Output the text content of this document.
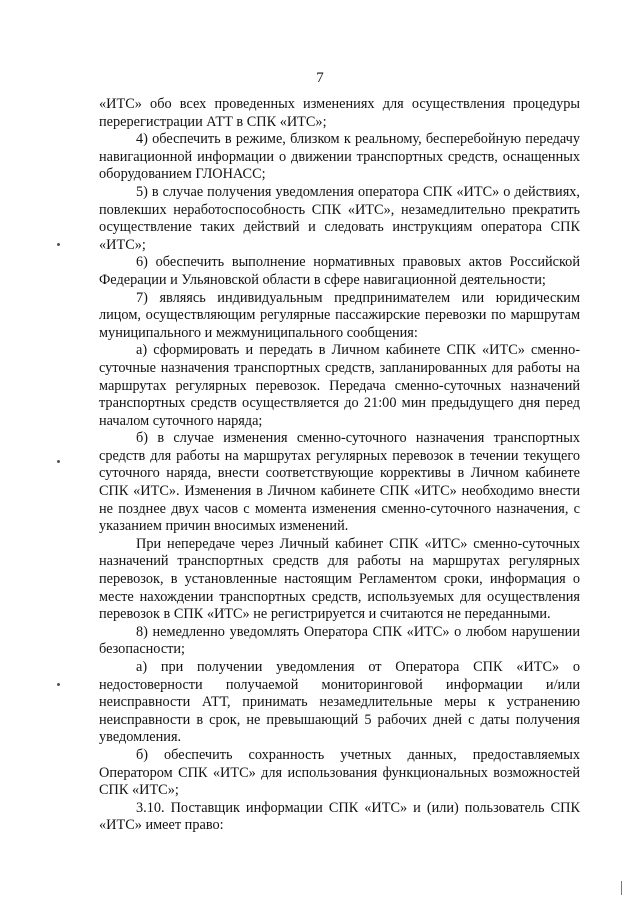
7

«ИТС» обо всех проведенных изменениях для осуществления процедуры перерегистрации АТТ в СПК «ИТС»;

4) обеспечить в режиме, близком к реальному, бесперебойную передачу навигационной информации о движении транспортных средств, оснащенных оборудованием ГЛОНАСС;

5) в случае получения уведомления оператора СПК «ИТС» о действиях, повлекших неработоспособность СПК «ИТС», незамедлительно прекратить осуществление таких действий и следовать инструкциям оператора СПК «ИТС»;

6) обеспечить выполнение нормативных правовых актов Российской Федерации и Ульяновской области в сфере навигационной деятельности;

7) являясь индивидуальным предпринимателем или юридическим лицом, осуществляющим регулярные пассажирские перевозки по маршрутам муниципального и межмуниципального сообщения:

а) сформировать и передать в Личном кабинете СПК «ИТС» сменно-суточные назначения транспортных средств, запланированных для работы на маршрутах регулярных перевозок. Передача сменно-суточных назначений транспортных средств осуществляется до 21:00 мин предыдущего дня перед началом суточного наряда;

б) в случае изменения сменно-суточного назначения транспортных средств для работы на маршрутах регулярных перевозок в течении текущего суточного наряда, внести соответствующие коррективы в Личном кабинете СПК «ИТС». Изменения в Личном кабинете СПК «ИТС» необходимо внести не позднее двух часов с момента изменения сменно-суточного назначения, с указанием причин вносимых изменений.

При непередаче через Личный кабинет СПК «ИТС» сменно-суточных назначений транспортных средств для работы на маршрутах регулярных перевозок, в установленные настоящим Регламентом сроки, информация о месте нахождении транспортных средств, используемых для осуществления перевозок в СПК «ИТС» не регистрируется и считаются не переданными.

8) немедленно уведомлять Оператора СПК «ИТС» о любом нарушении безопасности;

а) при получении уведомления от Оператора СПК «ИТС» о недостоверности получаемой мониторинговой информации и/или неисправности АТТ, принимать незамедлительные меры к устранению неисправности в срок, не превышающий 5 рабочих дней с даты получения уведомления.

б) обеспечить сохранность учетных данных, предоставляемых Оператором СПК «ИТС» для использования функциональных возможностей СПК «ИТС»;

3.10. Поставщик информации СПК «ИТС» и (или) пользователь СПК «ИТС» имеет право:
